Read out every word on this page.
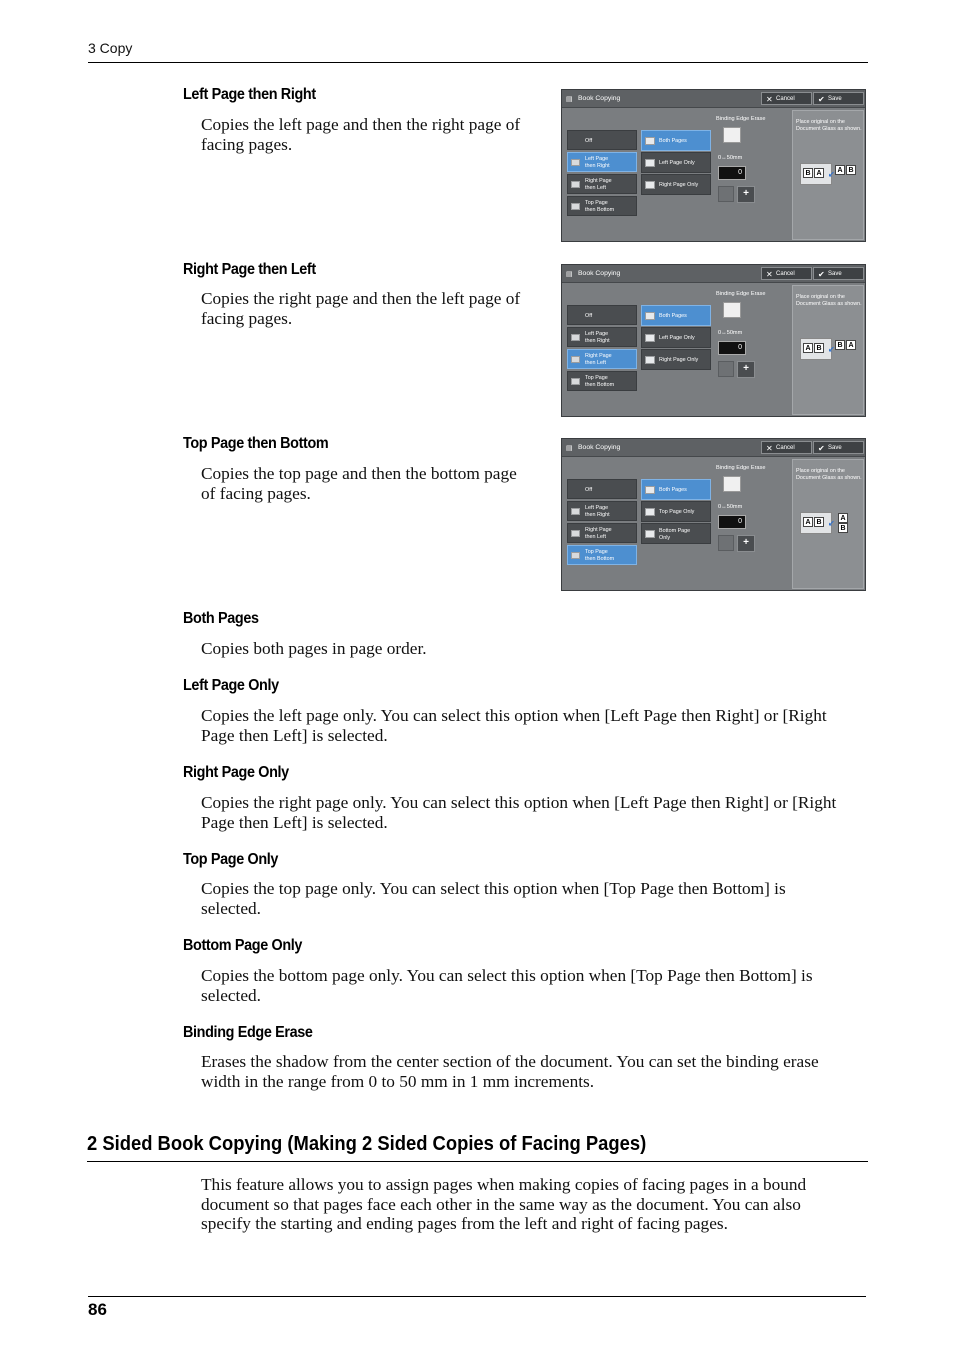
3 Copy
Left Page then Right
Copies the left page and then the right page of
facing pages.
Right Page then Left
Copies the right page and then the left page of
facing pages.
Top Page then Bottom
Copies the top page and then the bottom page
of facing pages.
Both Pages
Copies both pages in page order.
Left Page Only
Copies the left page only. You can select this option when [Left Page then Right] or [Right
Page then Left] is selected.
Right Page Only
Copies the right page only. You can select this option when [Left Page then Right] or [Right
Page then Left] is selected.
Top Page Only
Copies the top page only. You can select this option when [Top Page then Bottom] is
selected.
Bottom Page Only
Copies the bottom page only. You can select this option when [Top Page then Bottom] is
selected.
Binding Edge Erase
Erases the shadow from the center section of the document. You can set the binding erase
width in the range from 0 to 50 mm in 1 mm increments.
2 Sided Book Copying (Making 2 Sided Copies of Facing Pages)
This feature allows you to assign pages when making copies of facing pages in a bound
document so that pages face each other in the same way as the document. You can also
specify the starting and ending pages from the left and right of facing pages.
86
▤ Book Copying	✕ Cancel	✔ Save
Off
Left Page
then Right
Right Page
then Left
Top Page
then Bottom
Both Pages
Left Page Only
Right Page Only
Binding Edge Erase
0↔50mm
0
+
Place original on the Document Glass as shown.
B A	A B
↙
▤ Book Copying	✕ Cancel	✔ Save
Off
Left Page
then Right
Right Page
then Left
Top Page
then Bottom
Both Pages
Left Page Only
Right Page Only
Binding Edge Erase
0↔50mm
0
+
Place original on the Document Glass as shown.
A B	B A
↙
▤ Book Copying	✕ Cancel	✔ Save
Off
Left Page
then Right
Right Page
then Left
Top Page
then Bottom
Both Pages
Top Page Only
Bottom Page
Only
Binding Edge Erase
0↔50mm
0
+
Place original on the Document Glass as shown.
A B
A
B
↙
